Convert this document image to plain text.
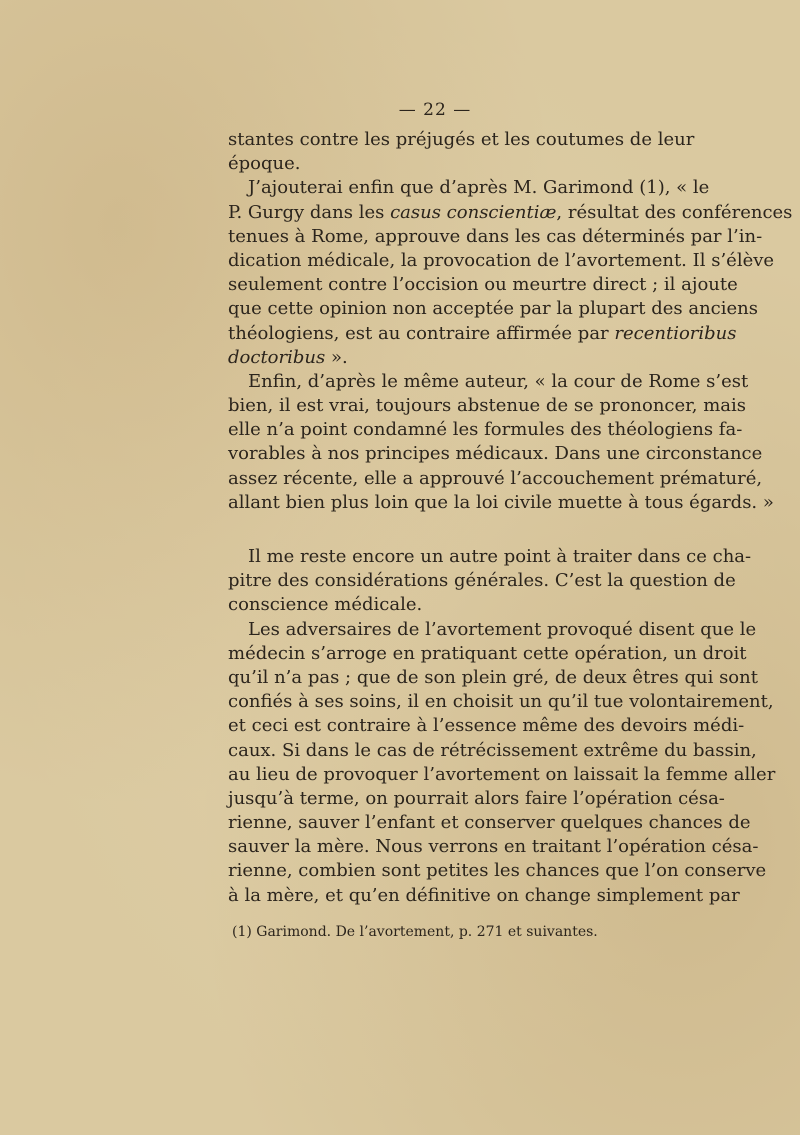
— 22 —
stantes contre les préjugés et les coutumes de leur
époque.
J’ajouterai enfin que d’après M. Garimond (1), « le
P. Gurgy dans les casus conscientiæ, résultat des conférences
tenues à Rome, approuve dans les cas déterminés par l’in-
dication médicale, la provocation de l’avortement. Il s’élève
seulement contre l’occision ou meurtre direct ; il ajoute
que cette opinion non acceptée par la plupart des anciens
théologiens, est au contraire affirmée par recentioribus
doctoribus ».
Enfin, d’après le même auteur, « la cour de Rome s’est
bien, il est vrai, toujours abstenue de se prononcer, mais
elle n’a point condamné les formules des théologiens fa-
vorables à nos principes médicaux. Dans une circonstance
assez récente, elle a approuvé l’accouchement prématuré,
allant bien plus loin que la loi civile muette à tous égards. »
Il me reste encore un autre point à traiter dans ce cha-
pitre des considérations générales. C’est la question de
conscience médicale.
Les adversaires de l’avortement provoqué disent que le
médecin s’arroge en pratiquant cette opération, un droit
qu’il n’a pas ; que de son plein gré, de deux êtres qui sont
confiés à ses soins, il en choisit un qu’il tue volontairement,
et ceci est contraire à l’essence même des devoirs médi-
caux. Si dans le cas de rétrécissement extrême du bassin,
au lieu de provoquer l’avortement on laissait la femme aller
jusqu’à terme, on pourrait alors faire l’opération césa-
rienne, sauver l’enfant et conserver quelques chances de
sauver la mère. Nous verrons en traitant l’opération césa-
rienne, combien sont petites les chances que l’on conserve
à la mère, et qu’en définitive on change simplement par
(1) Garimond. De l’avortement, p. 271 et suivantes.
